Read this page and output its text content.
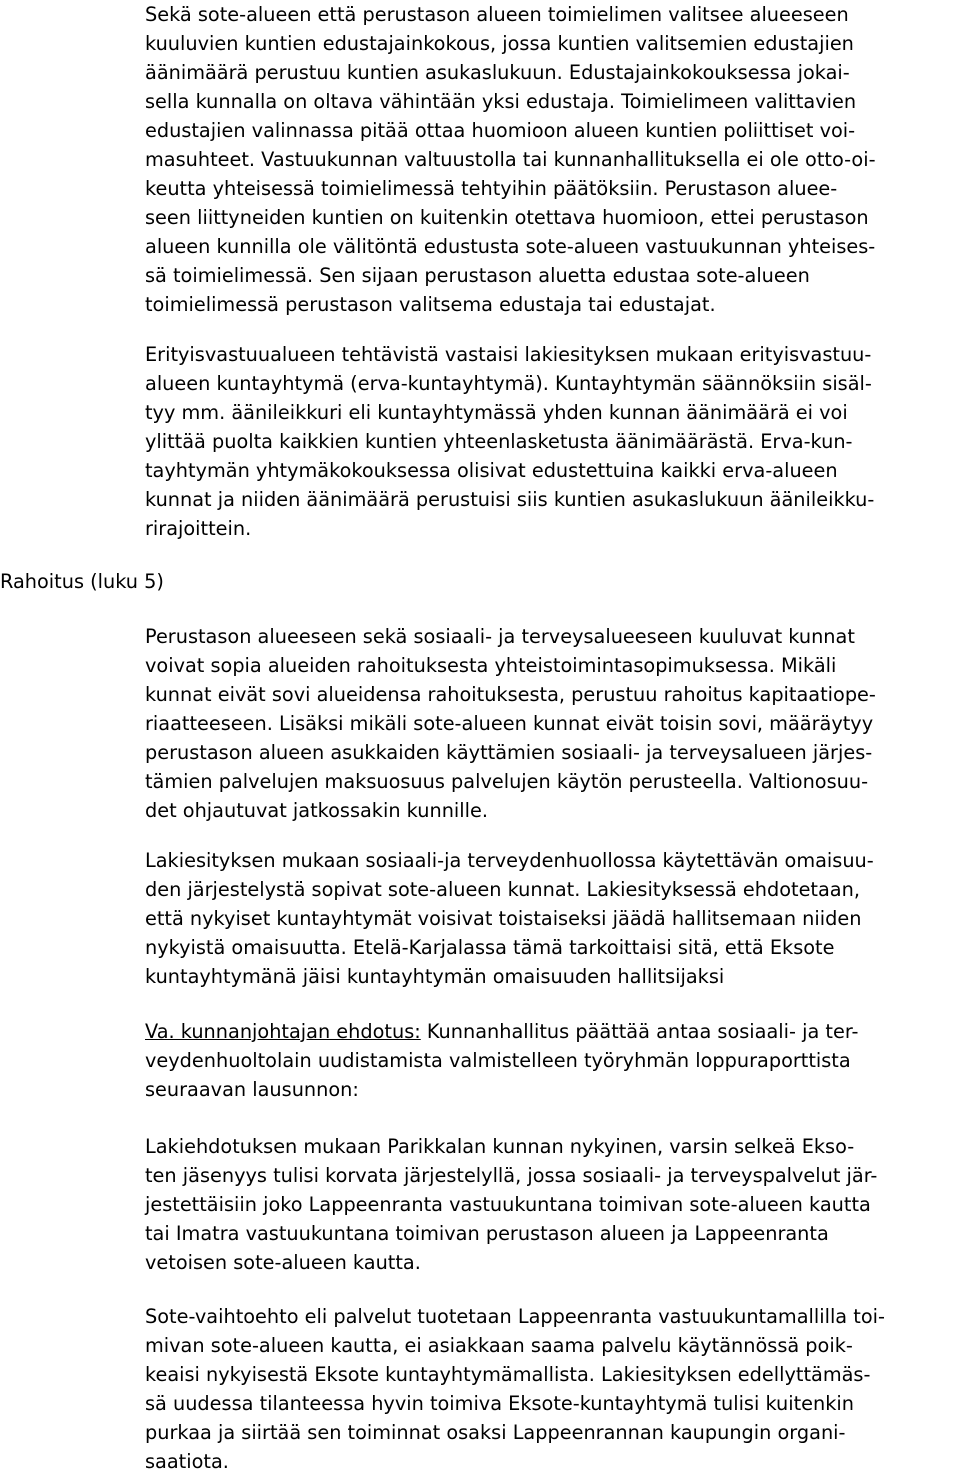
Sekä sote-alueen että perustason alueen toimielimen valitsee alueeseen
kuuluvien kuntien edustajainkokous, jossa kuntien valitsemien edustajien
äänimäärä perustuu kuntien asukaslukuun. Edustajainkokouksessa jokai-
sella kunnalla on oltava vähintään yksi edustaja. Toimielimeen valittavien
edustajien valinnassa pitää ottaa huomioon alueen kuntien poliittiset voi-
masuhteet. Vastuukunnan valtuustolla tai kunnanhallituksella ei ole otto-oi-
keutta yhteisessä toimielimessä tehtyihin päätöksiin. Perustason aluee-
seen liittyneiden kuntien on kuitenkin otettava huomioon, ettei perustason
alueen kunnilla ole välitöntä edustusta sote-alueen vastuukunnan yhteises-
sä toimielimessä. Sen sijaan perustason aluetta edustaa sote-alueen
toimielimessä perustason valitsema edustaja tai edustajat.
Erityisvastuualueen tehtävistä vastaisi lakiesityksen mukaan erityisvastuu-
alueen kuntayhtymä (erva-kuntayhtymä). Kuntayhtymän säännöksiin sisäl-
tyy mm. äänileikkuri eli kuntayhtymässä yhden kunnan äänimäärä ei voi
ylittää puolta kaikkien kuntien yhteenlasketusta äänimäärästä. Erva-kun-
tayhtymän yhtymäkokouksessa olisivat edustettuina kaikki erva-alueen
kunnat ja niiden äänimäärä perustuisi siis kuntien asukaslukuun äänileikku-
rirajoittein.
Rahoitus (luku 5)
Perustason alueeseen sekä sosiaali- ja terveysalueeseen kuuluvat kunnat
voivat sopia alueiden rahoituksesta yhteistoimintasopimuksessa. Mikäli
kunnat eivät sovi alueidensa rahoituksesta, perustuu rahoitus kapitaatiope-
riaatteeseen. Lisäksi mikäli sote-alueen kunnat eivät toisin sovi, määräytyy
perustason alueen asukkaiden käyttämien sosiaali- ja terveysalueen järjes-
tämien palvelujen maksuosuus palvelujen käytön perusteella. Valtionosuu-
det ohjautuvat jatkossakin kunnille.
Lakiesityksen mukaan sosiaali-ja terveydenhuollossa käytettävän omaisuu-
den järjestelystä sopivat sote-alueen kunnat. Lakiesityksessä ehdotetaan,
että nykyiset kuntayhtymät voisivat toistaiseksi jäädä hallitsemaan niiden
nykyistä omaisuutta. Etelä-Karjalassa tämä tarkoittaisi sitä, että Eksote
kuntayhtymänä jäisi kuntayhtymän omaisuuden hallitsijaksi
Va. kunnanjohtajan ehdotus: Kunnanhallitus päättää antaa sosiaali- ja ter-
veydenhuoltolain uudistamista valmistelleen työryhmän loppuraporttista
seuraavan lausunnon:
Lakiehdotuksen mukaan Parikkalan kunnan nykyinen, varsin selkeä Ekso-
ten jäsenyys tulisi korvata järjestelyllä, jossa sosiaali- ja terveyspalvelut jär-
jestettäisiin joko Lappeenranta vastuukuntana toimivan sote-alueen kautta
tai Imatra vastuukuntana toimivan perustason alueen ja Lappeenranta
vetoisen sote-alueen kautta.
Sote-vaihtoehto eli palvelut tuotetaan Lappeenranta vastuukuntamallilla toi-
mivan sote-alueen kautta, ei asiakkaan saama palvelu käytännössä poik-
keaisi nykyisestä Eksote kuntayhtymämallista. Lakiesityksen edellyttämäs-
sä uudessa tilanteessa hyvin toimiva Eksote-kuntayhtymä tulisi kuitenkin
purkaa ja siirtää sen toiminnat osaksi Lappeenrannan kaupungin organi-
saatiota.
